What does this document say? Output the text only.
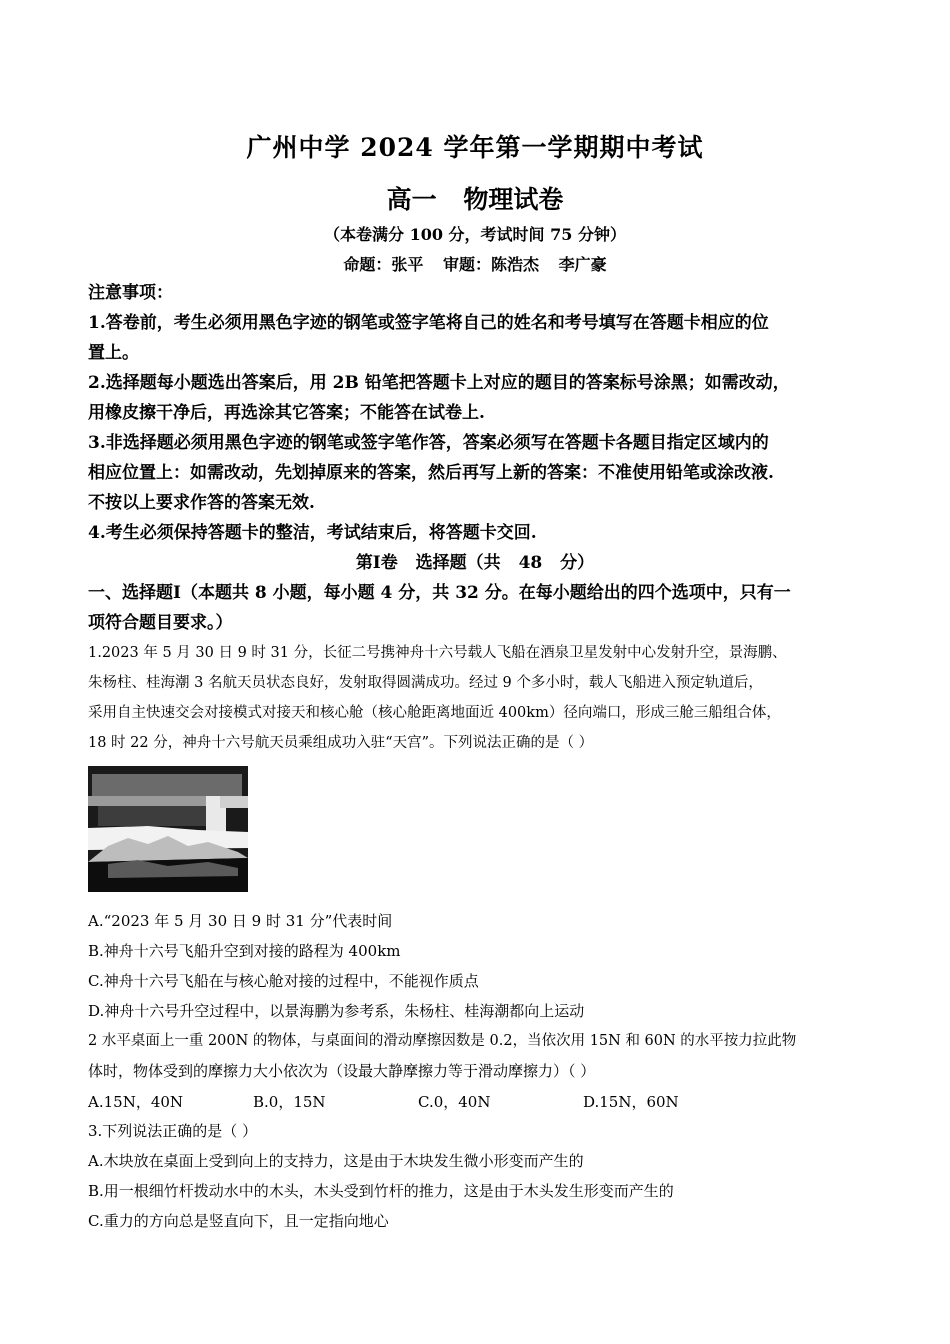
广州中学 2024 学年第一学期期中考试
高一 物理试卷
（本卷满分 100 分，考试时间 75 分钟）
命题：张平 审题：陈浩杰 李广豪
注意事项：
1.答卷前，考生必须用黑色字迹的钢笔或签字笔将自己的姓名和考号填写在答题卡相应的位
置上。
2.选择题每小题选出答案后，用 2B 铅笔把答题卡上对应的题目的答案标号涂黑；如需改动，
用橡皮擦干净后，再选涂其它答案；不能答在试卷上.
3.非选择题必须用黑色字迹的钢笔或签字笔作答，答案必须写在答题卡各题目指定区域内的
相应位置上：如需改动，先划掉原来的答案，然后再写上新的答案：不准使用铅笔或涂改液.
不按以上要求作答的答案无效.
4.考生必须保持答题卡的整洁，考试结束后，将答题卡交回.
第Ⅰ卷 选择题（共 48 分）
一、选择题Ⅰ（本题共 8 小题，每小题 4 分，共 32 分。在每小题给出的四个选项中，只有一
项符合题目要求。）
1.2023 年 5 月 30 日 9 时 31 分，长征二号携神舟十六号载人飞船在酒泉卫星发射中心发射升空，景海鹏、
朱杨柱、桂海潮 3 名航天员状态良好，发射取得圆满成功。经过 9 个多小时，载人飞船进入预定轨道后，
采用自主快速交会对接模式对接天和核心舱（核心舱距离地面近 400km）径向端口，形成三舱三船组合体，
18 时 22 分，神舟十六号航天员乘组成功入驻“天宫”。下列说法正确的是（ ）
A.“2023 年 5 月 30 日 9 时 31 分”代表时间
B.神舟十六号飞船升空到对接的路程为 400km
C.神舟十六号飞船在与核心舱对接的过程中，不能视作质点
D.神舟十六号升空过程中，以景海鹏为参考系，朱杨柱、桂海潮都向上运动
2 水平桌面上一重 200N 的物体，与桌面间的滑动摩擦因数是 0.2，当依次用 15N 和 60N 的水平按力拉此物
体时，物体受到的摩擦力大小依次为（设最大静摩擦力等于滑动摩擦力）（ ）
A.15N，40N	B.0，15N	C.0，40N	D.15N，60N
3.下列说法正确的是（ ）
A.木块放在桌面上受到向上的支持力，这是由于木块发生微小形变而产生的
B.用一根细竹杆拨动水中的木头，木头受到竹杆的推力，这是由于木头发生形变而产生的
C.重力的方向总是竖直向下，且一定指向地心
